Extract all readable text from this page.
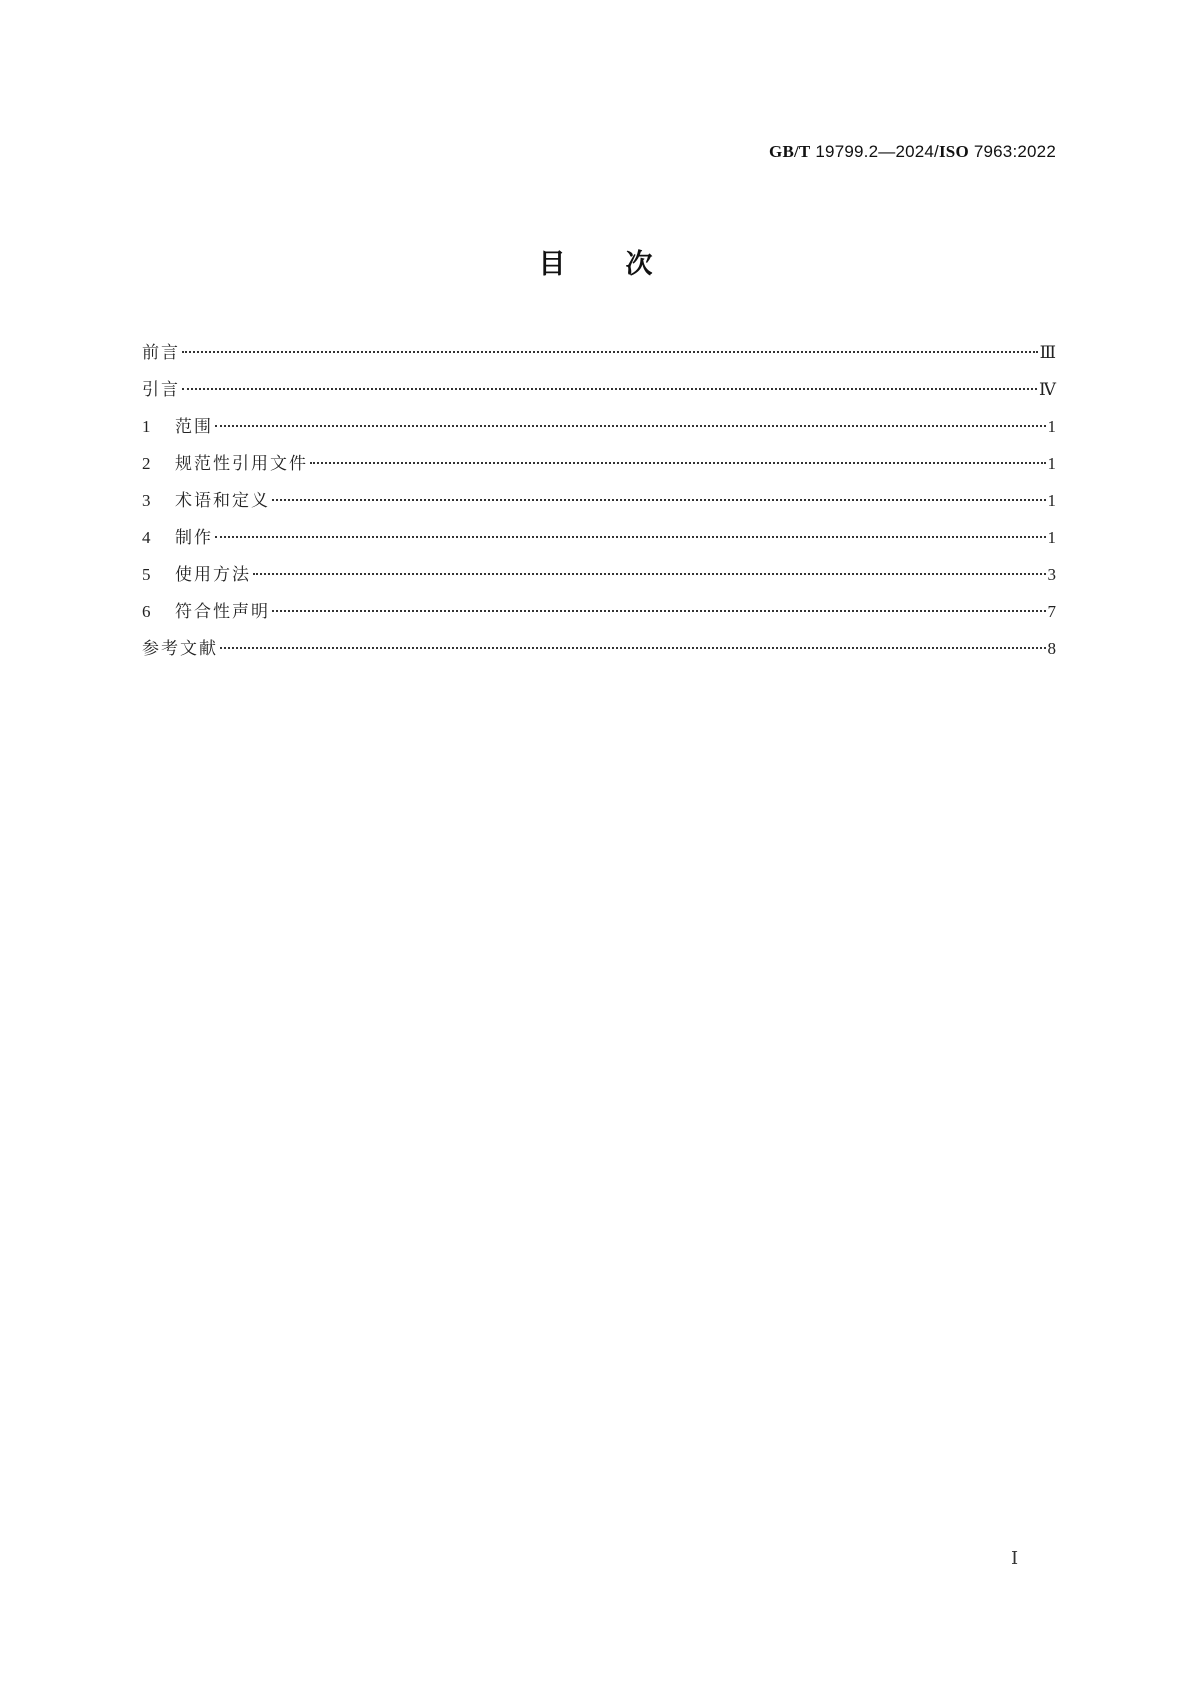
GB/T 19799.2—2024/ISO 7963:2022
目次
前言	Ⅲ
引言	Ⅳ
1	范围	1
2	规范性引用文件	1
3	术语和定义	1
4	制作	1
5	使用方法	3
6	符合性声明	7
参考文献	8
Ⅰ
